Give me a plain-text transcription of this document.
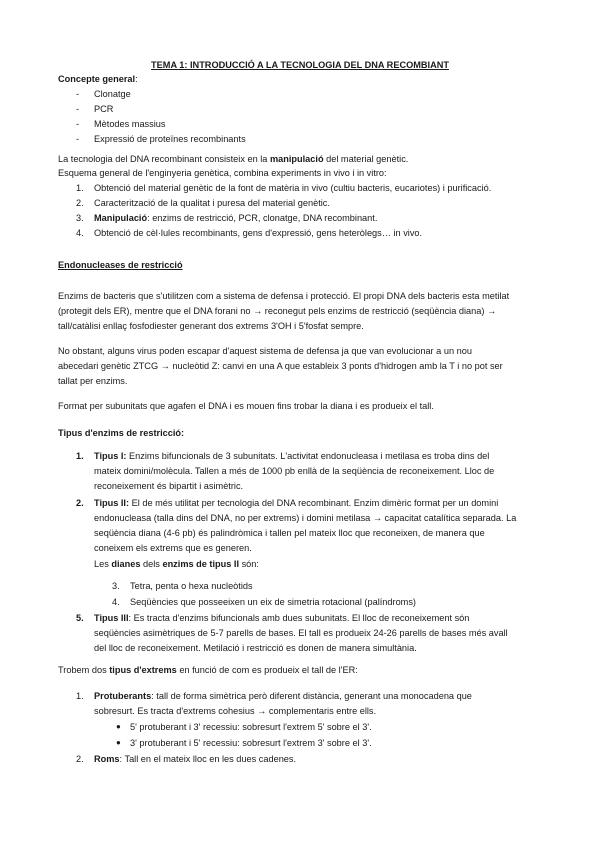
TEMA 1: INTRODUCCIÓ A LA TECNOLOGIA DEL DNA RECOMBIANT
Concepte general:
- Clonatge
- PCR
- Mètodes massius
- Expressió de proteïnes recombinants
La tecnologia del DNA recombinant consisteix en la manipulació del material genètic.
Esquema general de l'enginyeria genètica, combina experiments in vivo i in vitro:
1. Obtenció del material genètic de la font de matèria in vivo (cultiu bacteris, eucariotes) i purificació.
2. Caracterització de la qualitat i puresa del material genètic.
3. Manipulació: enzims de restricció, PCR, clonatge, DNA recombinant.
4. Obtenció de cèl·lules recombinants, gens d'expressió, gens heteròlegs… in vivo.
Endonucleases de restricció
Enzims de bacteris que s'utilitzen com a sistema de defensa i protecció. El propi DNA dels bacteris esta metilat
(protegit dels ER), mentre que el DNA forani no → reconegut pels enzims de restricció (seqüència diana) →
tall/catàlisi enllaç fosfodiester generant dos extrems 3'OH i 5'fosfat sempre.
No obstant, alguns virus poden escapar d'aquest sistema de defensa ja que van evolucionar a un nou
abecedari genètic ZTCG → nucleòtid Z: canvi en una A que estableix 3 ponts d'hidrogen amb la T i no pot ser
tallat per enzims.
Format per subunitats que agafen el DNA i es mouen fins trobar la diana i es produeix el tall.
Tipus d'enzims de restricció:
1. Tipus I: Enzims bifuncionals de 3 subunitats. L'activitat endonucleasa i metilasa es troba dins del
mateix domini/molècula. Tallen a més de 1000 pb enllà de la seqüència de reconeixement. Lloc de
reconeixement és bipartit i asimètric.
2. Tipus II: El de més utilitat per tecnologia del DNA recombinant. Enzim dimèric format per un domini
endonucleasa (talla dins del DNA, no per extrems) i domini metilasa → capacitat catalítica separada. La
seqüència diana (4-6 pb) és palindròmica i tallen pel mateix lloc que reconeixen, de manera que
coneixem els extrems que es generen.
Les dianes dels enzims de tipus II són:
3. Tetra, penta o hexa nucleòtids
4. Seqüències que posseeixen un eix de simetria rotacional (palíndroms)
5. Tipus III: Es tracta d'enzims bifuncionals amb dues subunitats. El lloc de reconeixement són
seqüències asimètriques de 5-7 parells de bases. El tall es produeix 24-26 parells de bases més avall
del lloc de reconeixement. Metilació i restricció es donen de manera simultània.
Trobem dos tipus d'extrems en funció de com es produeix el tall de l'ER:
1. Protuberants: tall de forma simètrica però diferent distància, generant una monocadena que
sobresurt. Es tracta d'extrems cohesius → complementaris entre ells.
● 5' protuberant i 3' recessiu: sobresurt l'extrem 5' sobre el 3'.
● 3' protuberant i 5' recessiu: sobresurt l'extrem 3' sobre el 3'.
2. Roms: Tall en el mateix lloc en les dues cadenes.
